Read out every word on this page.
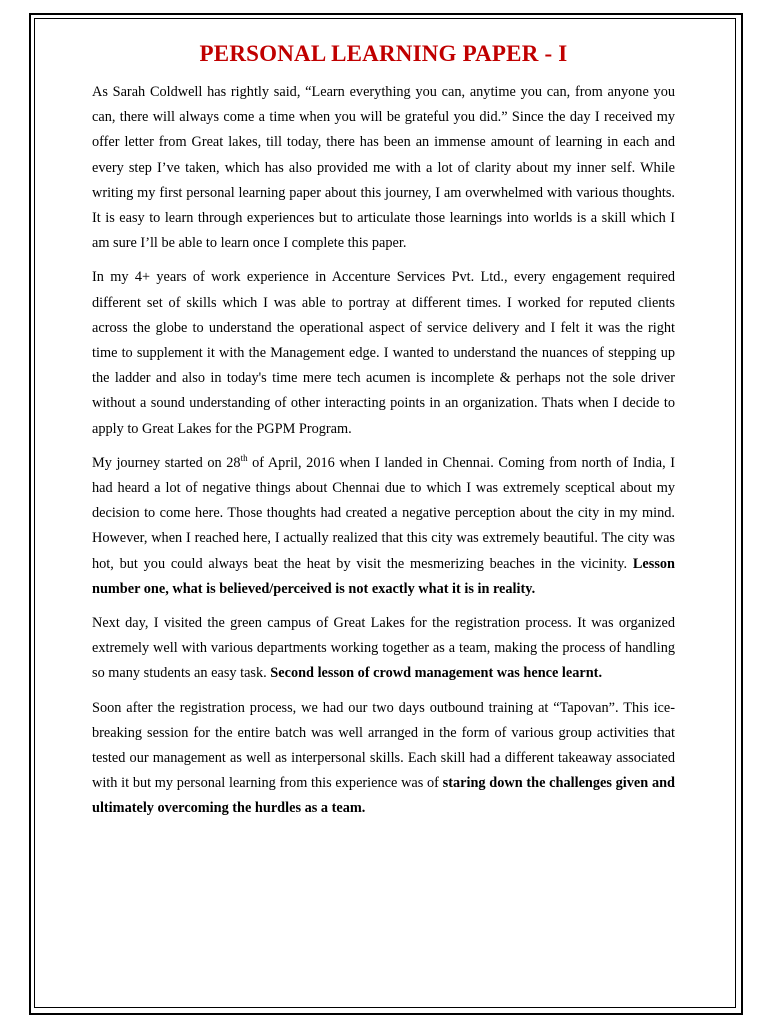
PERSONAL LEARNING PAPER - I

As Sarah Coldwell has rightly said, “Learn everything you can, anytime you can, from anyone you can, there will always come a time when you will be grateful you did.” Since the day I received my offer letter from Great lakes, till today, there has been an immense amount of learning in each and every step I’ve taken, which has also provided me with a lot of clarity about my inner self. While writing my first personal learning paper about this journey, I am overwhelmed with various thoughts. It is easy to learn through experiences but to articulate those learnings into worlds is a skill which I am sure I’ll be able to learn once I complete this paper.

In my 4+ years of work experience in Accenture Services Pvt. Ltd., every engagement required different set of skills which I was able to portray at different times. I worked for reputed clients across the globe to understand the operational aspect of service delivery and I felt it was the right time to supplement it with the Management edge. I wanted to understand the nuances of stepping up the ladder and also in today's time mere tech acumen is incomplete & perhaps not the sole driver without a sound understanding of other interacting points in an organization. Thats when I decide to apply to Great Lakes for the PGPM Program.

My journey started on 28th of April, 2016 when I landed in Chennai. Coming from north of India, I had heard a lot of negative things about Chennai due to which I was extremely sceptical about my decision to come here. Those thoughts had created a negative perception about the city in my mind. However, when I reached here, I actually realized that this city was extremely beautiful. The city was hot, but you could always beat the heat by visit the mesmerizing beaches in the vicinity. Lesson number one, what is believed/perceived is not exactly what it is in reality.

Next day, I visited the green campus of Great Lakes for the registration process. It was organized extremely well with various departments working together as a team, making the process of handling so many students an easy task. Second lesson of crowd management was hence learnt.

Soon after the registration process, we had our two days outbound training at “Tapovan”. This ice-breaking session for the entire batch was well arranged in the form of various group activities that tested our management as well as interpersonal skills. Each skill had a different takeaway associated with it but my personal learning from this experience was of staring down the challenges given and ultimately overcoming the hurdles as a team.
